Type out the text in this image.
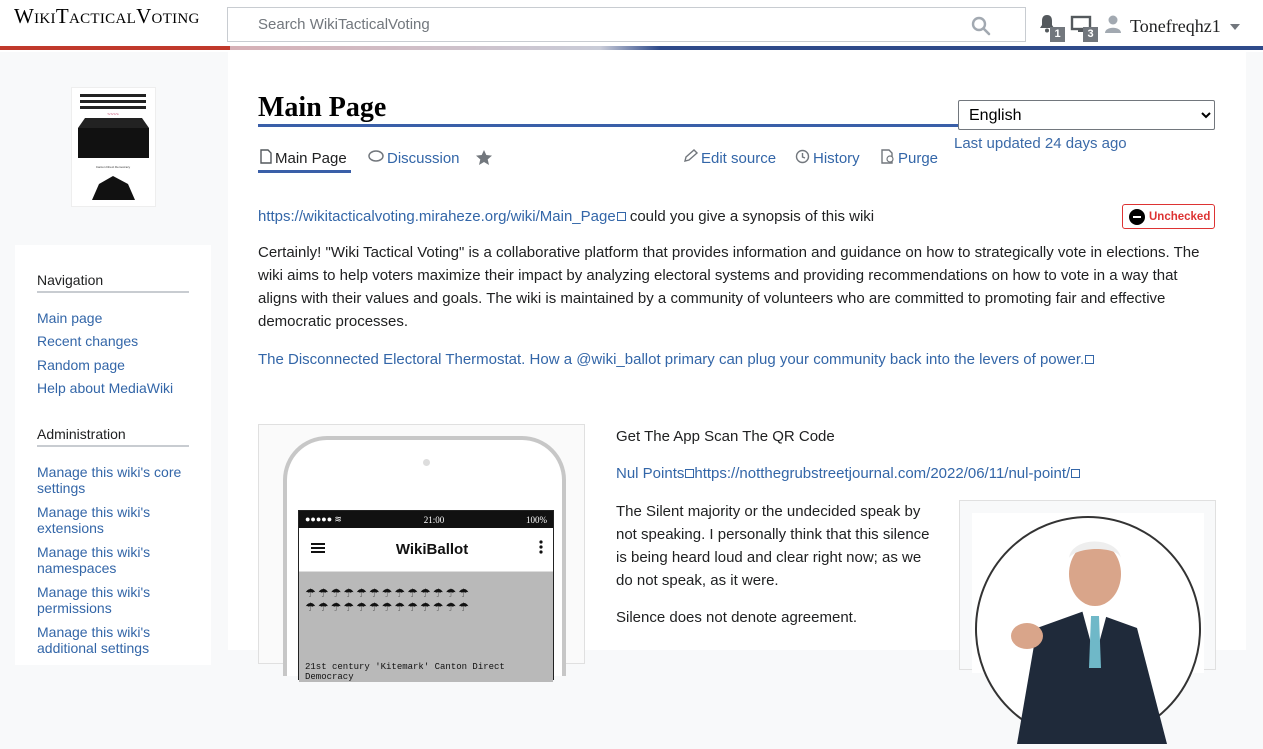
WikiTacticalVoting
Search WikiTacticalVoting
1	3 Tonefreqhz1
~~~~
Canton Direct Democracy
Navigation
Main page
Recent changes
Random page
Help about MediaWiki
Administration
Manage this wiki's core settings
Manage this wiki's extensions
Manage this wiki's namespaces
Manage this wiki's permissions
Manage this wiki's additional settings
Main Page
English
Last updated 24 days ago
Main Page	Discussion	Edit source History	Purge
Unchecked
https://wikitacticalvoting.miraheze.org/wiki/Main_Page could you give a synopsis of this wiki
Certainly! "Wiki Tactical Voting" is a collaborative platform that provides information and guidance on how to strategically vote in elections. The wiki aims to help voters maximize their impact by analyzing electoral systems and providing recommendations on how to vote in a way that aligns with their values and goals. The wiki is maintained by a community of volunteers who are committed to promoting fair and effective democratic processes.
The Disconnected Electoral Thermostat. How a @wiki_ballot primary can plug your community back into the levers of power.
●●●●● ≋	21:00	100%
WikiBallot
☂☂☂☂☂☂☂☂☂☂☂☂☂
☂☂☂☂☂☂☂☂☂☂☂☂☂
21st century 'Kitemark' Canton Direct Democracy
Get The App Scan The QR Code
Nul Points https://notthegrubstreetjournal.com/2022/06/11/nul-point/
The Silent majority or the undecided speak by not speaking. I personally think that this silence is being heard loud and clear right now; as we do not speak, as it were.
Silence does not denote agreement.
